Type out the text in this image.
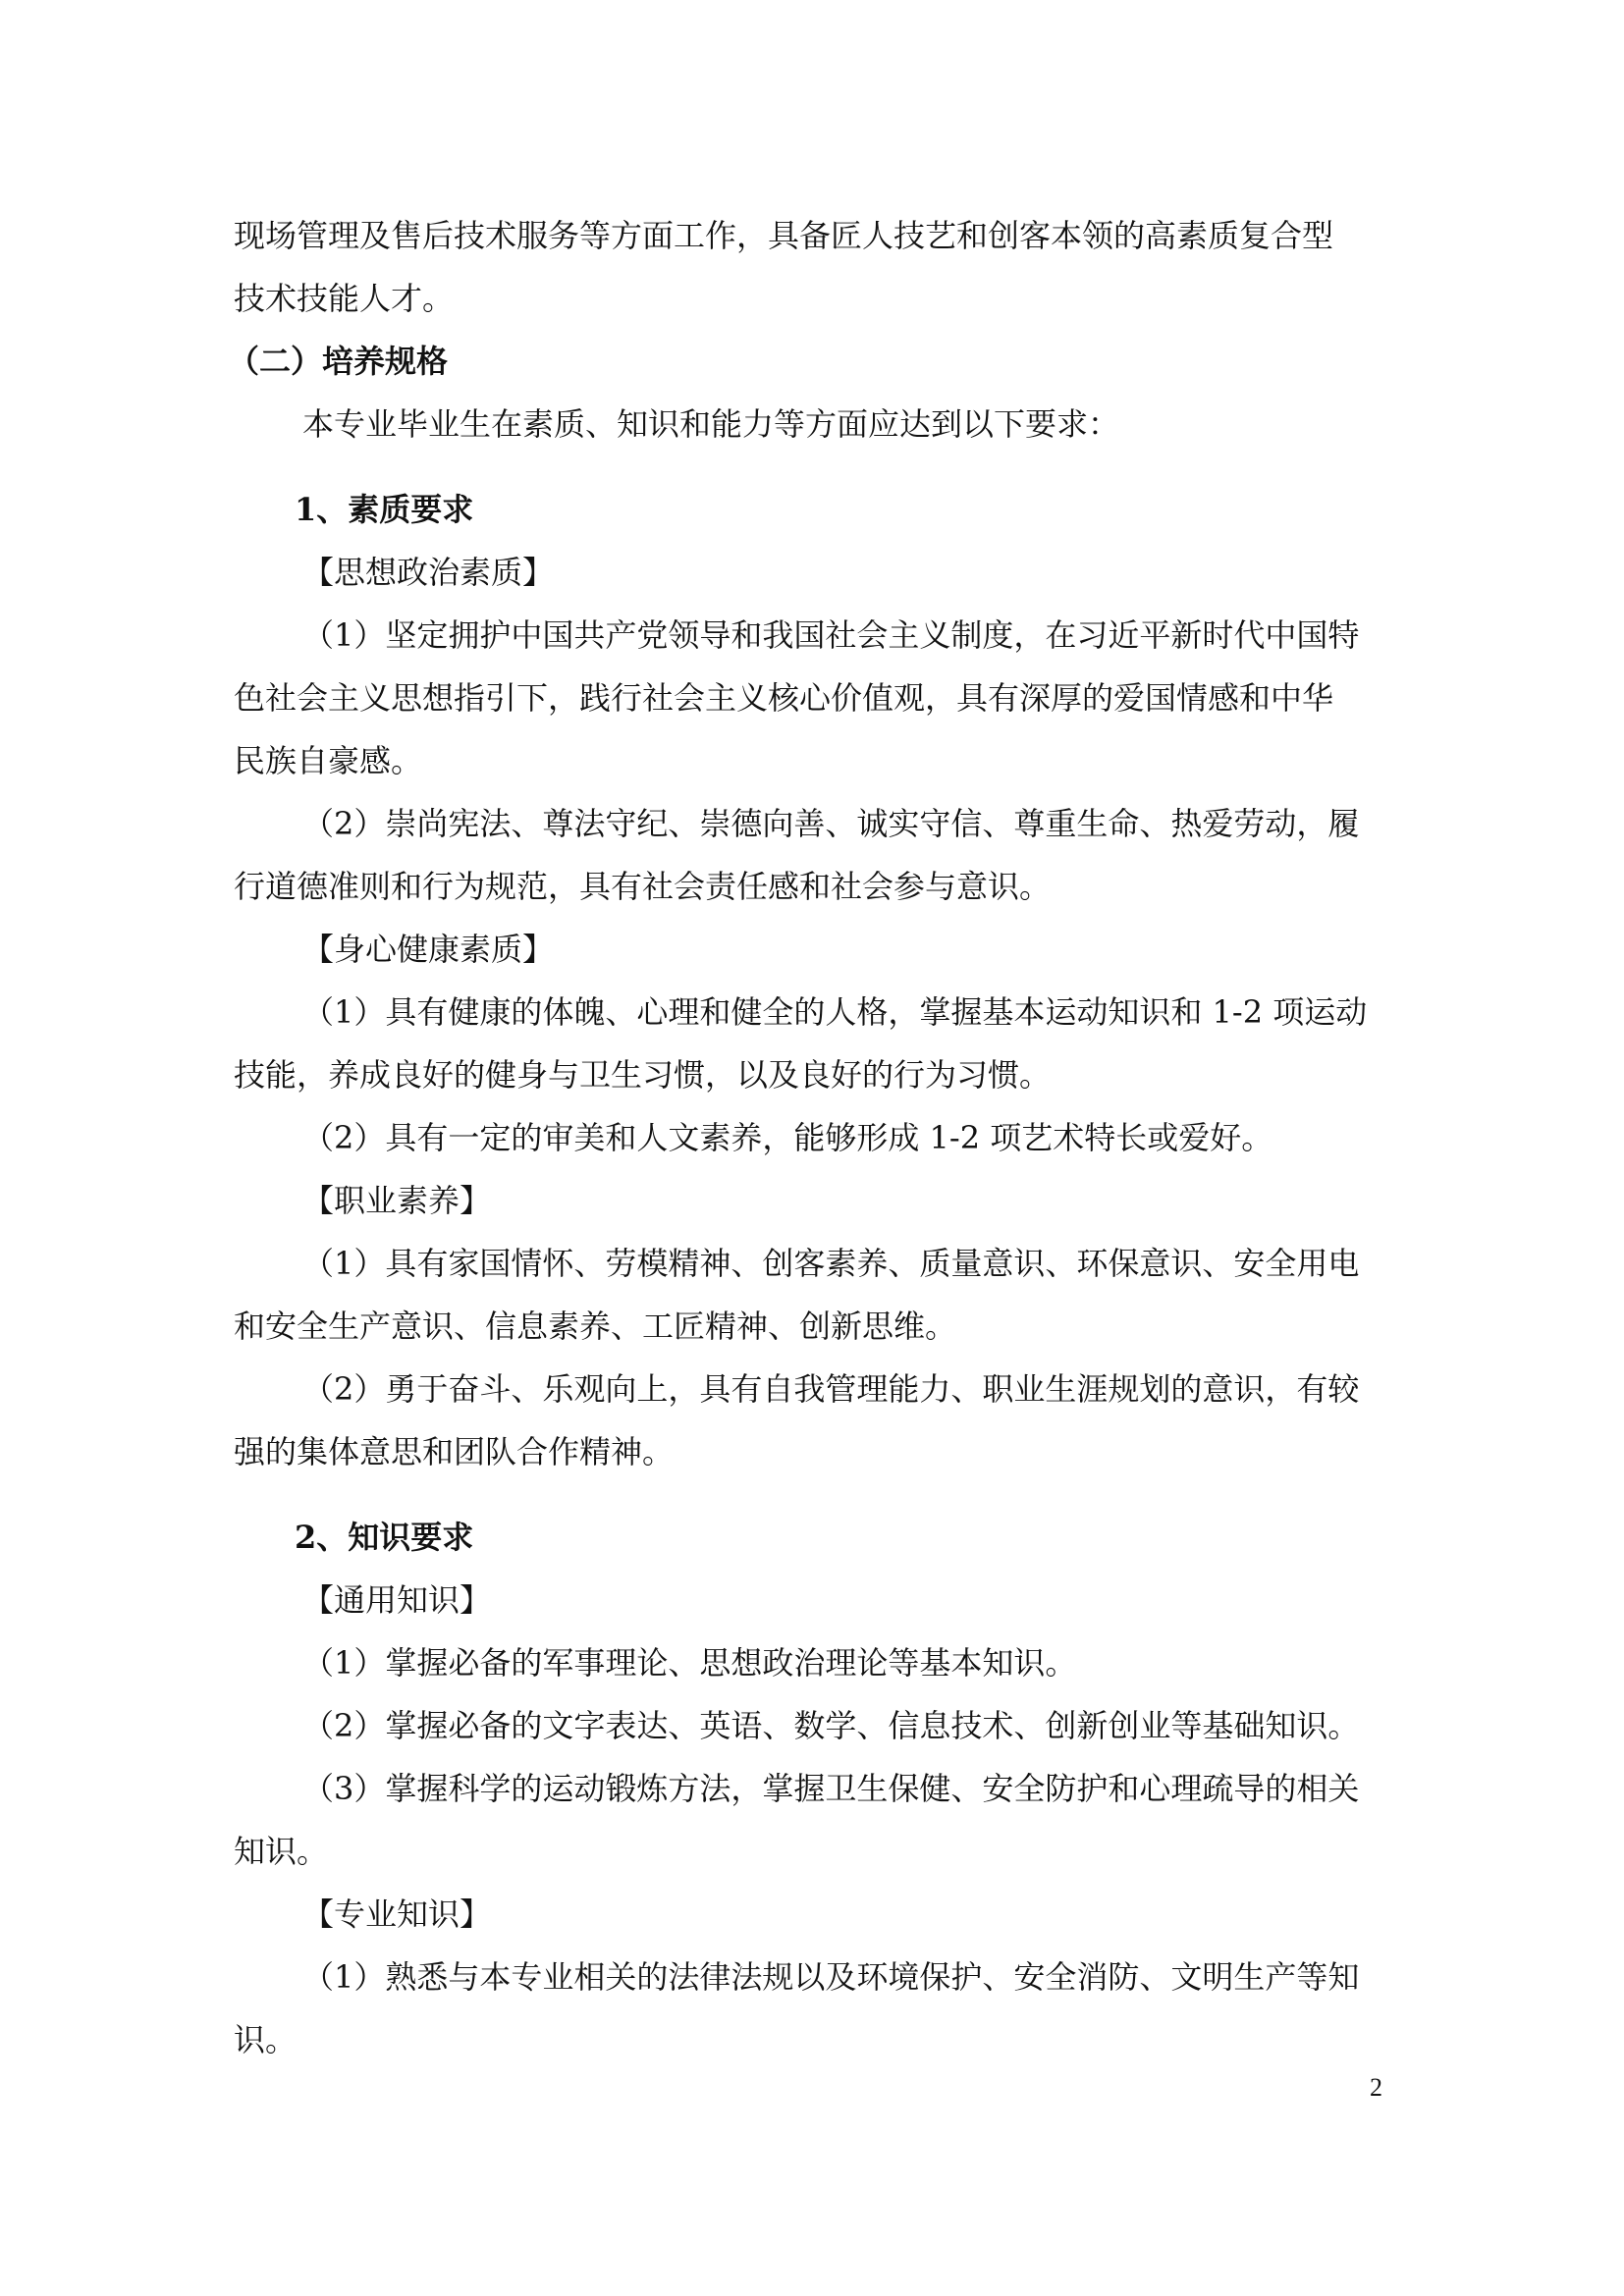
现场管理及售后技术服务等方面工作，具备匠人技艺和创客本领的高素质复合型
技术技能人才。
（二）培养规格
本专业毕业生在素质、知识和能力等方面应达到以下要求：
1、素质要求
【思想政治素质】
（1）坚定拥护中国共产党领导和我国社会主义制度，在习近平新时代中国特
色社会主义思想指引下，践行社会主义核心价值观，具有深厚的爱国情感和中华
民族自豪感。
（2）崇尚宪法、尊法守纪、崇德向善、诚实守信、尊重生命、热爱劳动，履
行道德准则和行为规范，具有社会责任感和社会参与意识。
【身心健康素质】
（1）具有健康的体魄、心理和健全的人格，掌握基本运动知识和 1-2 项运动
技能，养成良好的健身与卫生习惯，以及良好的行为习惯。
（2）具有一定的审美和人文素养，能够形成 1-2 项艺术特长或爱好。
【职业素养】
（1）具有家国情怀、劳模精神、创客素养、质量意识、环保意识、安全用电
和安全生产意识、信息素养、工匠精神、创新思维。
（2）勇于奋斗、乐观向上，具有自我管理能力、职业生涯规划的意识，有较
强的集体意思和团队合作精神。
2、知识要求
【通用知识】
（1）掌握必备的军事理论、思想政治理论等基本知识。
（2）掌握必备的文字表达、英语、数学、信息技术、创新创业等基础知识。
（3）掌握科学的运动锻炼方法，掌握卫生保健、安全防护和心理疏导的相关
知识。
【专业知识】
（1）熟悉与本专业相关的法律法规以及环境保护、安全消防、文明生产等知
识。
2
